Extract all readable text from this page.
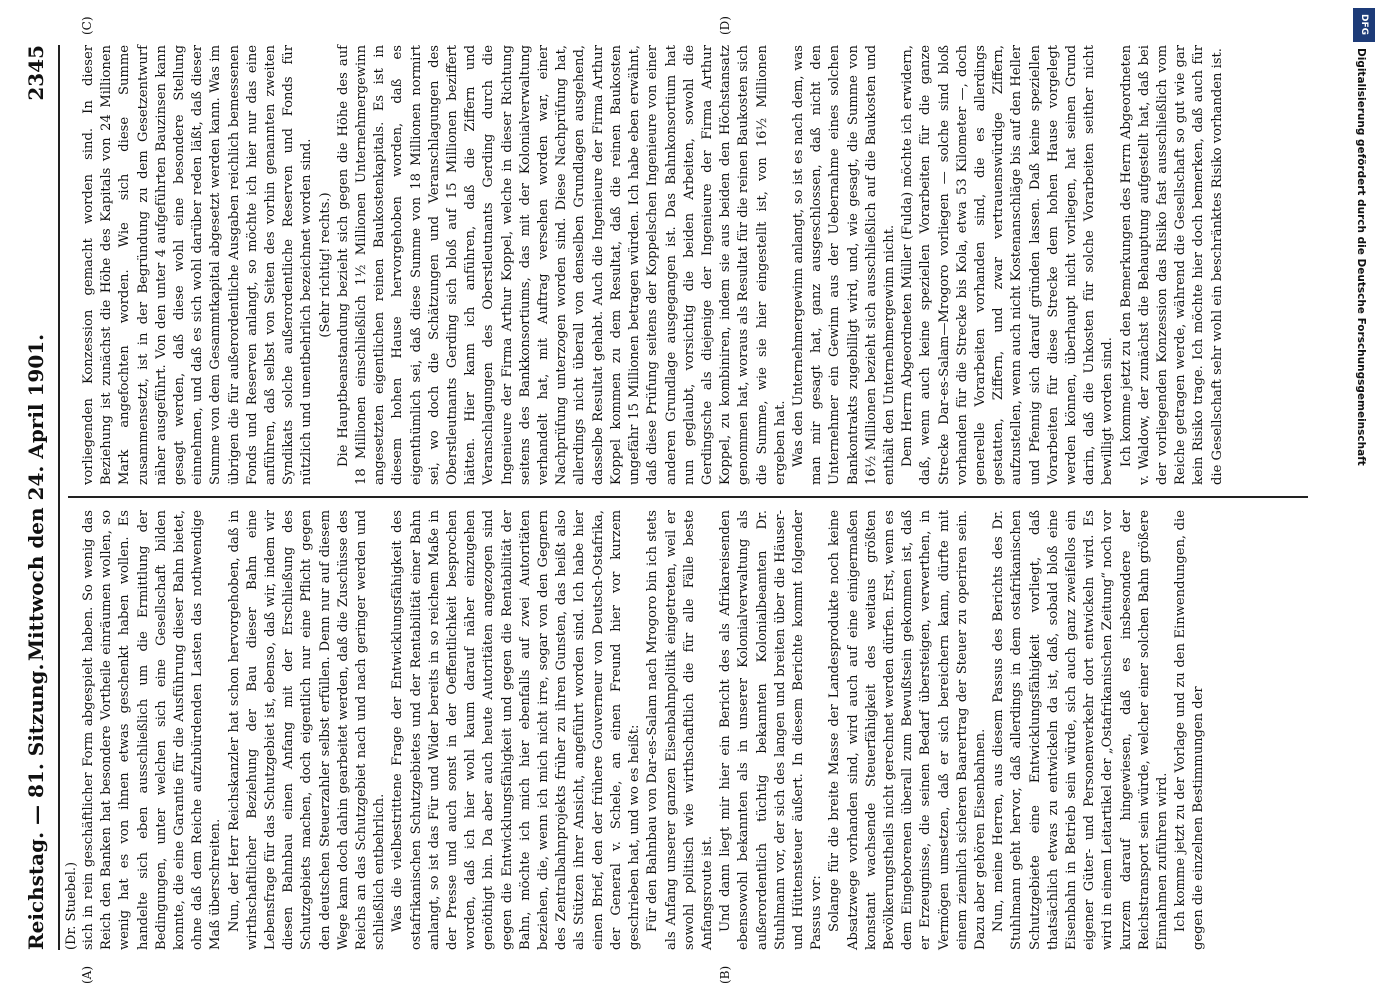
Reichstag. — 81. Sitzung.
Mittwoch den 24. April 1901.
2345
(Dr. Stuebel.) sich in rein geschäftlicher Form abgespielt haben. So wenig das Reich den Banken hat besondere Vortheile einräumen wollen, so wenig hat es von ihnen etwas geschenkt haben wollen. Es handelte sich eben ausschließlich um die Ermittlung der Bedingungen, unter welchen sich eine Gesellschaft bilden konnte, die eine Garantie für die Ausführung dieser Bahn bietet, ohne daß dem Reiche aufzubürdenden Lasten das nothwendige Maß überschreiten. Nun, der Herr Reichskanzler hat schon hervorgehoben, daß in wirthschaftlicher Beziehung der Bau dieser Bahn eine Lebensfrage für das Schutzgebiet ist, ebenso, daß wir, indem wir diesen Bahnbau einen Anfang mit der Erschließung des Schutzgebiets machen, doch eigentlich nur eine Pflicht gegen den deutschen Steuerzahler selbst erfüllen. Denn nur auf diesem Wege kann doch dahin gearbeitet werden, daß die Zuschüsse des Reichs an das Schutzgebiet nach und nach geringer werden und schließlich entbehrlich. Was die vielbestrittene Frage der Entwicklungsfähigkeit des ostafrikanischen Schutzgebietes und der Rentabilität einer Bahn anlangt, so ist das Für und Wider bereits in so reichem Maße in der Presse und auch sonst in der Oeffentlichkeit besprochen worden, daß ich hier wohl kaum darauf näher einzugehen genöthigt bin. Da aber auch heute Autoritäten angezogen sind gegen die Entwicklungsfähigkeit und gegen die Rentabilität der Bahn, möchte ich mich hier ebenfalls auf zwei Autoritäten beziehen, die, wenn ich mich nicht irre, sogar von den Gegnern des Zentralbahnprojekts früher zu ihren Gunsten, das heißt also als Stützen ihrer Ansicht, angeführt worden sind. Ich habe hier einen Brief, den der frühere Gouverneur von Deutsch-Ostafrika, der General v. Schele, an einen Freund hier vor kurzem geschrieben hat, und wo es heißt: Für den Bahnbau von Dar-es-Salam nach Mrogoro bin ich stets als Anfang unserer ganzen Eisenbahnpolitik eingetreten, weil er sowohl politisch wie wirthschaftlich die für alle Fälle beste Anfangsroute ist. Und dann liegt mir hier ein Bericht des als Afrikareisenden ebensowohl bekannten als in unserer Kolonialverwaltung als außerordentlich tüchtig bekannten Kolonialbeamten Dr. Stuhlmann vor, der sich des langen und breiten über die Häuser- und Hüttensteuer äußert. In diesem Berichte kommt folgender Passus vor: Solange für die breite Masse der Landesprodukte noch keine Absatzwege vorhanden sind, wird auch auf eine einigermaßen konstant wachsende Steuerfähigkeit des weitaus größten Bevölkerungstheils nicht gerechnet werden dürfen. Erst, wenn es dem Eingeborenen überall zum Bewußtsein gekommen ist, daß er Erzeugnisse, die seinen Bedarf übersteigen, verwerthen, in Vermögen umsetzen, daß er sich bereichern kann, dürfte mit einem ziemlich sicheren Baarertrag der Steuer zu operiren sein. Dazu aber gehören Eisenbahnen. Nun, meine Herren, aus diesem Passus des Berichts des Dr. Stuhlmann geht hervor, daß allerdings in dem ostafrikanischen Schutzgebiete eine Entwicklungsfähigkeit vorliegt, daß thatsächlich etwas zu entwickeln da ist, daß, sobald bloß eine Eisenbahn in Betrieb sein würde, sich auch ganz zweifellos ein eigener Güter- und Personenverkehr dort entwickeln wird. Es wird in einem Leitartikel der „Ostafrikanischen Zeitung“ noch vor kurzem darauf hingewiesen, daß es insbesondere der Reichstransport sein würde, welcher einer solchen Bahn größere Einnahmen zuführen wird. Ich komme jetzt zu der Vorlage und zu den Einwendungen, die gegen die einzelnen Bestimmungen der

vorliegenden Konzession gemacht worden sind. In dieser Beziehung ist zunächst die Höhe des Kapitals von 24 Millionen Mark angefochten worden. Wie sich diese Summe zusammensetzt, ist in der Begründung zu dem Gesetzentwurf näher ausgeführt. Von den unter 4 aufgeführten Bauzinsen kann gesagt werden, daß diese wohl eine besondere Stellung einnehmen, und daß es sich wohl darüber reden läßt, daß dieser Summe von dem Gesammtkapital abgesetzt werden kann. Was im übrigen die für außerordentliche Ausgaben reichlich bemessenen Fonds und Reserven anlangt, so möchte ich hier nur das eine anführen, daß selbst von Seiten des vorhin genannten zweiten Syndikats solche außerordentliche Reserven und Fonds für nützlich und unentbehrlich bezeichnet worden sind. (Sehr richtig! rechts.) Die Hauptbeanstandung bezieht sich gegen die Höhe des auf 18 Millionen einschließlich 1½ Millionen Unternehmergewinn angesetzten eigentlichen reinen Baukostenkapitals. Es ist in diesem hohen Hause hervorgehoben worden, daß es eigenthümlich sei, daß diese Summe von 18 Millionen normirt sei, wo doch die Schätzungen und Veranschlagungen des Oberstleutnants Gerding sich bloß auf 15 Millionen beziffert hätten. Hier kann ich anführen, daß die Ziffern und Veranschlagungen des Oberstleutnants Gerding durch die Ingenieure der Firma Arthur Koppel, welche in dieser Richtung seitens des Bankkonsortiums, das mit der Kolonialverwaltung verhandelt hat, mit Auftrag versehen worden war, einer Nachprüfung unterzogen worden sind. Diese Nachprüfung hat, allerdings nicht überall von denselben Grundlagen ausgehend, dasselbe Resultat gehabt. Auch die Ingenieure der Firma Arthur Koppel kommen zu dem Resultat, daß die reinen Baukosten ungefähr 15 Millionen betragen würden. Ich habe eben erwähnt, daß diese Prüfung seitens der Koppelschen Ingenieure von einer anderen Grundlage ausgegangen ist. Das Bahnkonsortium hat nun geglaubt, vorsichtig die beiden Arbeiten, sowohl die Gerdingsche als diejenige der Ingenieure der Firma Arthur Koppel, zu kombiniren, indem sie aus beiden den Höchstansatz genommen hat, woraus als Resultat für die reinen Baukosten sich die Summe, wie sie hier eingestellt ist, von 16½ Millionen ergeben hat. Was den Unternehmergewinn anlangt, so ist es nach dem, was man mir gesagt hat, ganz ausgeschlossen, daß nicht den Unternehmer ein Gewinn aus der Uebernahme eines solchen Bankontrakts zugebilligt wird, und, wie gesagt, die Summe von 16½ Millionen bezieht sich ausschließlich auf die Baukosten und enthält den Unternehmergewinn nicht. Dem Herrn Abgeordneten Müller (Fulda) möchte ich erwidern, daß, wenn auch keine speziellen Vorarbeiten für die ganze Strecke Dar-es-Salam—Mrogoro vorliegen — solche sind bloß vorhanden für die Strecke bis Kola, etwa 53 Kilometer —, doch generelle Vorarbeiten vorhanden sind, die es allerdings gestatten, Ziffern, und zwar vertrauenswürdige Ziffern, aufzustellen, wenn auch nicht Kostenanschläge bis auf den Heller und Pfennig sich darauf gründen lassen. Daß keine speziellen Vorarbeiten für diese Strecke dem hohen Hause vorgelegt werden können, überhaupt nicht vorliegen, hat seinen Grund darin, daß die Unkosten für solche Vorarbeiten seither nicht bewilligt worden sind. Ich komme jetzt zu den Bemerkungen des Herrn Abgeordneten v. Waldow, der zunächst die Behauptung aufgestellt hat, daß bei der vorliegenden Konzession das Risiko fast ausschließlich vom Reiche getragen werde, während die Gesellschaft so gut wie gar kein Risiko trage. Ich möchte hier doch bemerken, daß auch für die Gesellschaft sehr wohl ein beschränktes Risiko vorhanden ist.

(A)	(B)
(C)	(D)	DFG
Digitalisierung gefördert durch die Deutsche Forschungsgemeinschaft
